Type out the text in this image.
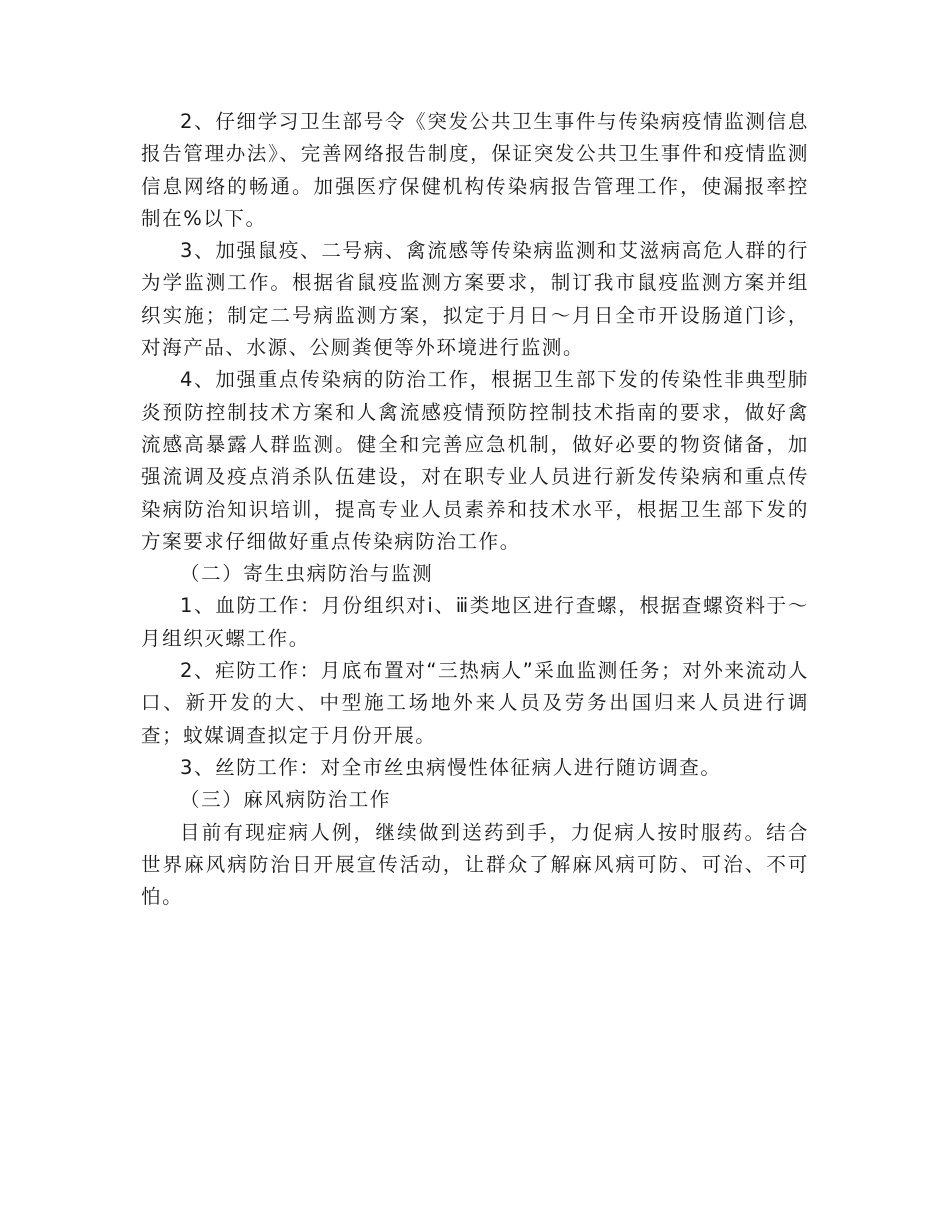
2、仔细学习卫生部号令《突发公共卫生事件与传染病疫情监测信息报告管理办法》、完善网络报告制度，保证突发公共卫生事件和疫情监测信息网络的畅通。加强医疗保健机构传染病报告管理工作，使漏报率控制在%以下。

3、加强鼠疫、二号病、禽流感等传染病监测和艾滋病高危人群的行为学监测工作。根据省鼠疫监测方案要求，制订我市鼠疫监测方案并组织实施；制定二号病监测方案，拟定于月日～月日全市开设肠道门诊，对海产品、水源、公厕粪便等外环境进行监测。

4、加强重点传染病的防治工作，根据卫生部下发的传染性非典型肺炎预防控制技术方案和人禽流感疫情预防控制技术指南的要求，做好禽流感高暴露人群监测。健全和完善应急机制，做好必要的物资储备，加强流调及疫点消杀队伍建设，对在职专业人员进行新发传染病和重点传染病防治知识培训，提高专业人员素养和技术水平，根据卫生部下发的方案要求仔细做好重点传染病防治工作。

（二）寄生虫病防治与监测

1、血防工作：月份组织对ⅰ、ⅲ类地区进行查螺，根据查螺资料于～月组织灭螺工作。

2、疟防工作：月底布置对“三热病人”采血监测任务；对外来流动人口、新开发的大、中型施工场地外来人员及劳务出国归来人员进行调查；蚊媒调查拟定于月份开展。

3、丝防工作：对全市丝虫病慢性体征病人进行随访调查。

（三）麻风病防治工作

目前有现症病人例，继续做到送药到手，力促病人按时服药。结合世界麻风病防治日开展宣传活动，让群众了解麻风病可防、可治、不可怕。
